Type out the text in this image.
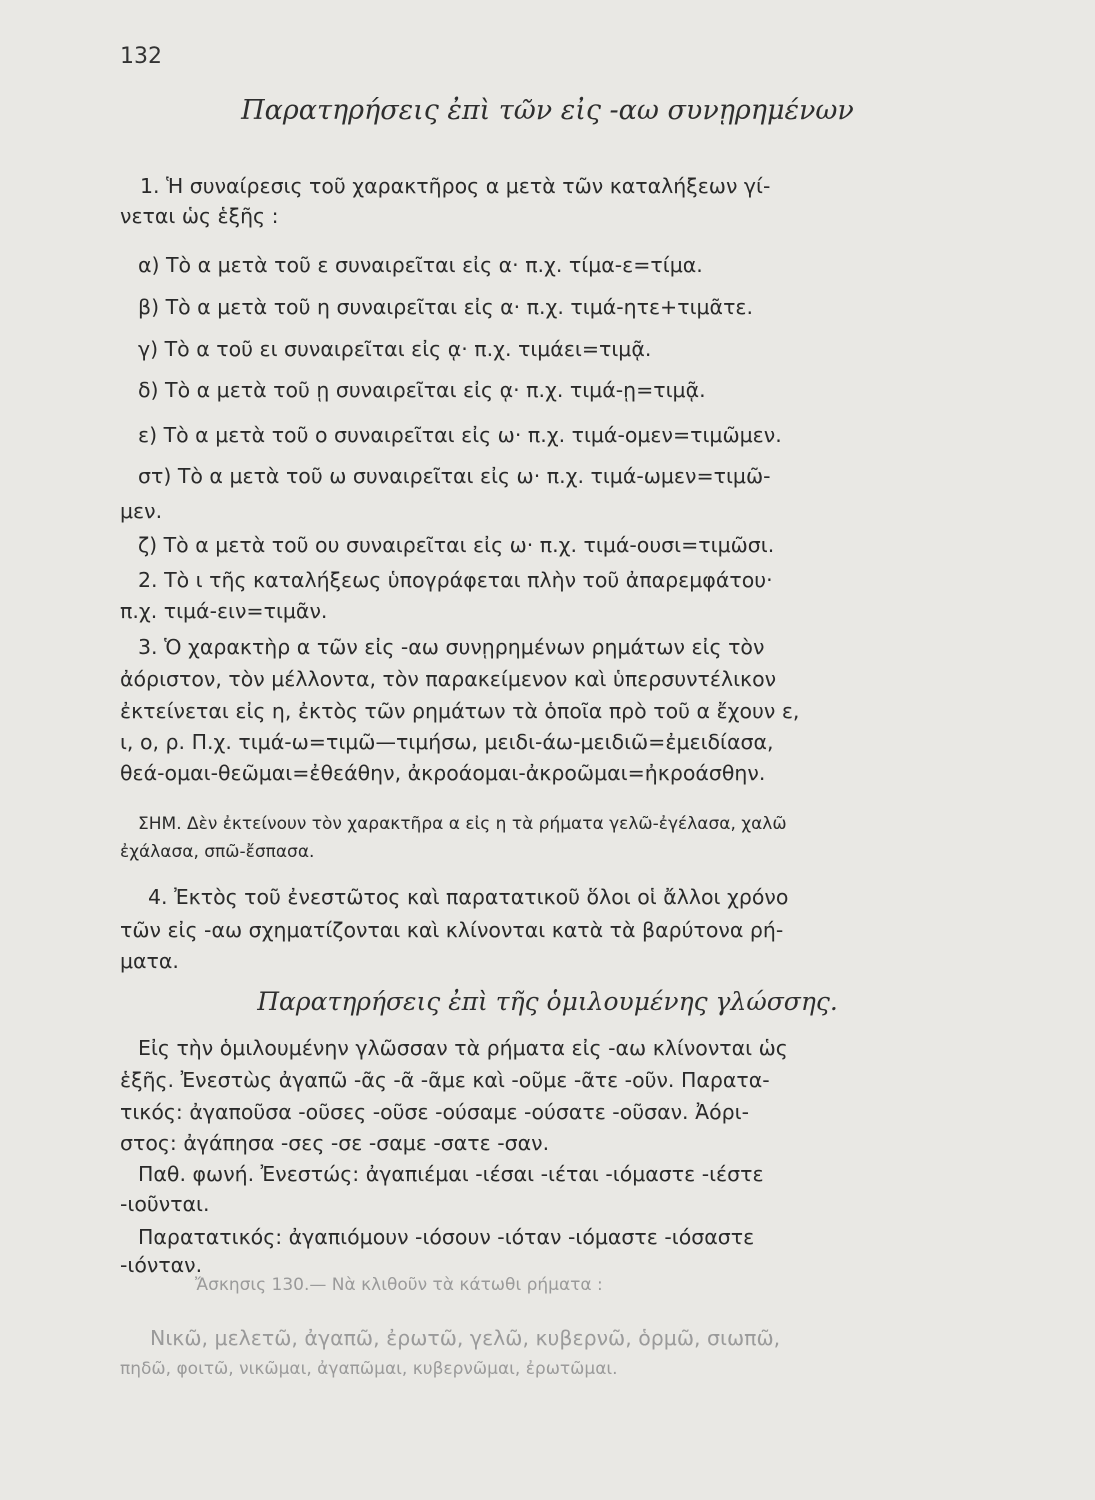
132
Παρατηρήσεις ἐπὶ τῶν εἰς -αω συνῃρημένων
1. Ἡ συναίρεσις τοῦ χαρακτῆρος α μετὰ τῶν καταλήξεων γί-
νεται ὡς ἑξῆς :
α) Τὸ α μετὰ τοῦ ε συναιρεῖται εἰς α· π.χ. τίμα-ε=τίμα.
β) Τὸ α μετὰ τοῦ η συναιρεῖται εἰς α· π.χ. τιμά-ητε+τιμᾶτε.
γ) Τὸ α τοῦ ει συναιρεῖται εἰς ᾳ· π.χ. τιμάει=τιμᾷ.
δ) Τὸ α μετὰ τοῦ ῃ συναιρεῖται εἰς ᾳ· π.χ. τιμά-ῃ=τιμᾷ.
ε) Τὸ α μετὰ τοῦ ο συναιρεῖται εἰς ω· π.χ. τιμά-ομεν=τιμῶμεν.
στ) Τὸ α μετὰ τοῦ ω συναιρεῖται εἰς ω· π.χ. τιμά-ωμεν=τιμῶ-
μεν.
ζ) Τὸ α μετὰ τοῦ ου συναιρεῖται εἰς ω· π.χ. τιμά-ουσι=τιμῶσι.
2. Τὸ ι τῆς καταλήξεως ὑπογράφεται πλὴν τοῦ ἀπαρεμφάτου·
π.χ. τιμά-ειν=τιμᾶν.
3. Ὁ χαρακτὴρ α τῶν εἰς -αω συνῃρημένων ρημάτων εἰς τὸν
ἀόριστον, τὸν μέλλοντα, τὸν παρακείμενον καὶ ὑπερσυντέλικον
ἐκτείνεται εἰς η, ἐκτὸς τῶν ρημάτων τὰ ὁποῖα πρὸ τοῦ α ἔχουν ε,
ι, ο, ρ. Π.χ. τιμά-ω=τιμῶ—τιμήσω, μειδι-άω-μειδιῶ=ἐμειδίασα,
θεά-ομαι-θεῶμαι=ἐθεάθην, ἀκροάομαι-ἀκροῶμαι=ἠκροάσθην.
ΣΗΜ. Δὲν ἐκτείνουν τὸν χαρακτῆρα α εἰς η τὰ ρήματα γελῶ-ἐγέλασα, χαλῶ
ἐχάλασα, σπῶ-ἔσπασα.
4. Ἐκτὸς τοῦ ἐνεστῶτος καὶ παρατατικοῦ ὅλοι οἱ ἄλλοι χρόνο
τῶν εἰς -αω σχηματίζονται καὶ κλίνονται κατὰ τὰ βαρύτονα ρή-
ματα.
Παρατηρήσεις ἐπὶ τῆς ὁμιλουμένης γλώσσης.
Εἰς τὴν ὁμιλουμένην γλῶσσαν τὰ ρήματα εἰς -αω κλίνονται ὡς
ἑξῆς. Ἐνεστὼς ἀγαπῶ -ᾶς -ᾶ -ᾶμε καὶ -οῦμε -ᾶτε -οῦν. Παρατα-
τικός: ἀγαποῦσα -οῦσες -οῦσε -ούσαμε -ούσατε -οῦσαν. Ἀόρι-
στος: ἀγάπησα -σες -σε -σαμε -σατε -σαν.
Παθ. φωνή. Ἐνεστώς: ἀγαπιέμαι -ιέσαι -ιέται -ιόμαστε -ιέστε
-ιοῦνται.
Παρατατικός: ἀγαπιόμουν -ιόσουν -ιόταν -ιόμαστε -ιόσαστε
-ιόνταν.
Ἄσκησις 130.— Νὰ κλιθοῦν τὰ κάτωθι ρήματα :
Νικῶ, μελετῶ, ἀγαπῶ, ἐρωτῶ, γελῶ, κυβερνῶ, ὁρμῶ, σιωπῶ,
πηδῶ, φοιτῶ, νικῶμαι, ἀγαπῶμαι, κυβερνῶμαι, ἐρωτῶμαι.
